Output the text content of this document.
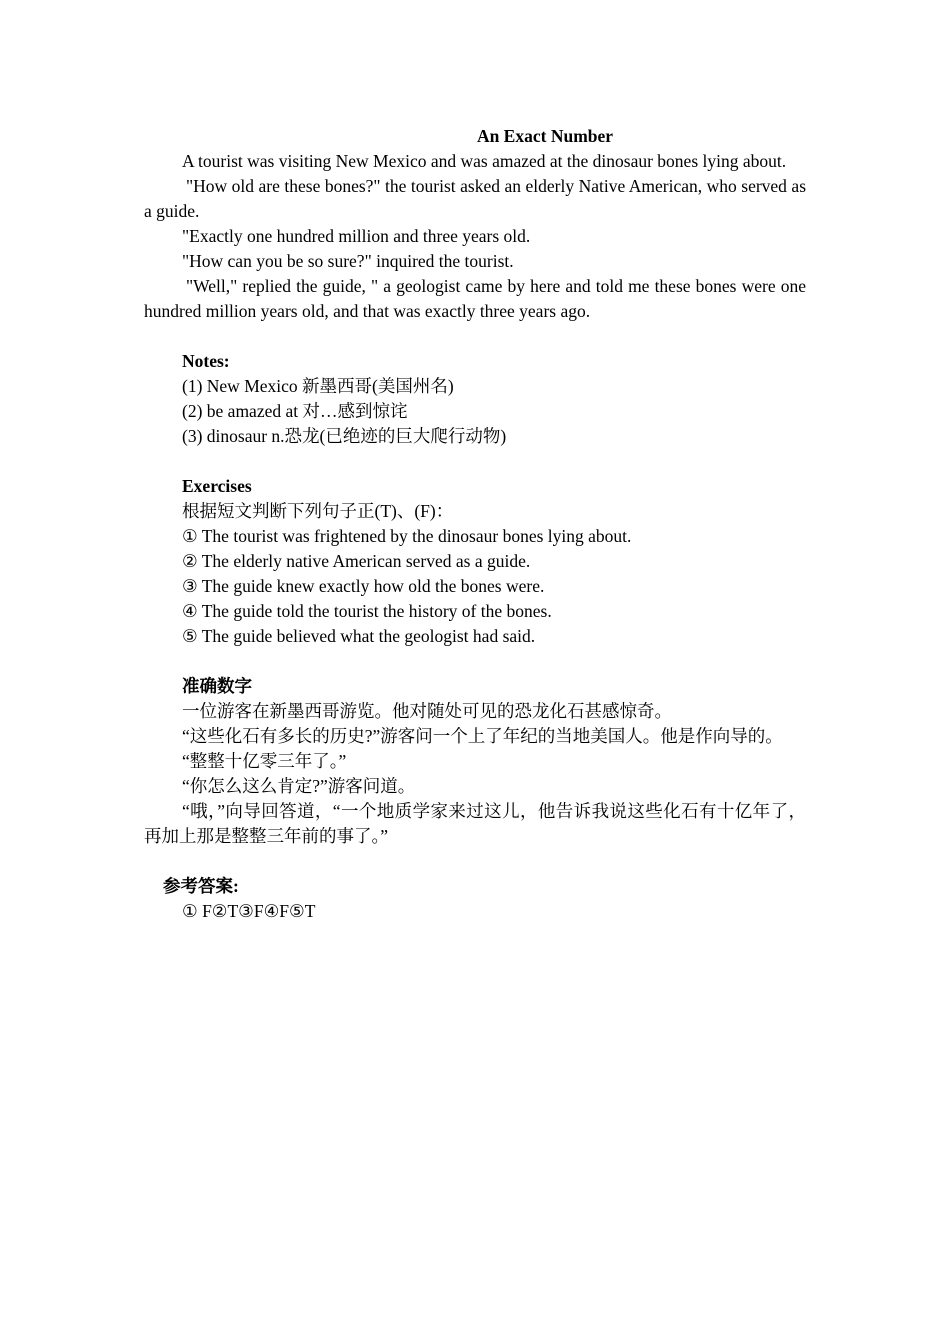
An Exact Number

A tourist was visiting New Mexico and was amazed at the dinosaur bones lying about.

"How old are these bones?" the tourist asked an elderly Native American, who served as a guide.

"Exactly one hundred million and three years old.

"How can you be so sure?" inquired the tourist.

"Well," replied the guide, " a geologist came by here and told me these bones were one hundred million years old, and that was exactly three years ago.

Notes:

(1) New Mexico 新墨西哥(美国州名)

(2) be amazed at 对…感到惊诧

(3) dinosaur n.恐龙(已绝迹的巨大爬行动物)

Exercises

根据短文判断下列句子正(T)、(F)：

① The tourist was frightened by the dinosaur bones lying about.

② The elderly native American served as a guide.

③ The guide knew exactly how old the bones were.

④ The guide told the tourist the history of the bones.

⑤ The guide believed what the geologist had said.

准确数字

一位游客在新墨西哥游览。他对随处可见的恐龙化石甚感惊奇。

“这些化石有多长的历史?”游客问一个上了年纪的当地美国人。他是作向导的。

“整整十亿零三年了。”

“你怎么这么肯定?”游客问道。

“哦，”向导回答道，“一个地质学家来过这儿，他告诉我说这些化石有十亿年了，再加上那是整整三年前的事了。”

参考答案:

① F②T③F④F⑤T
